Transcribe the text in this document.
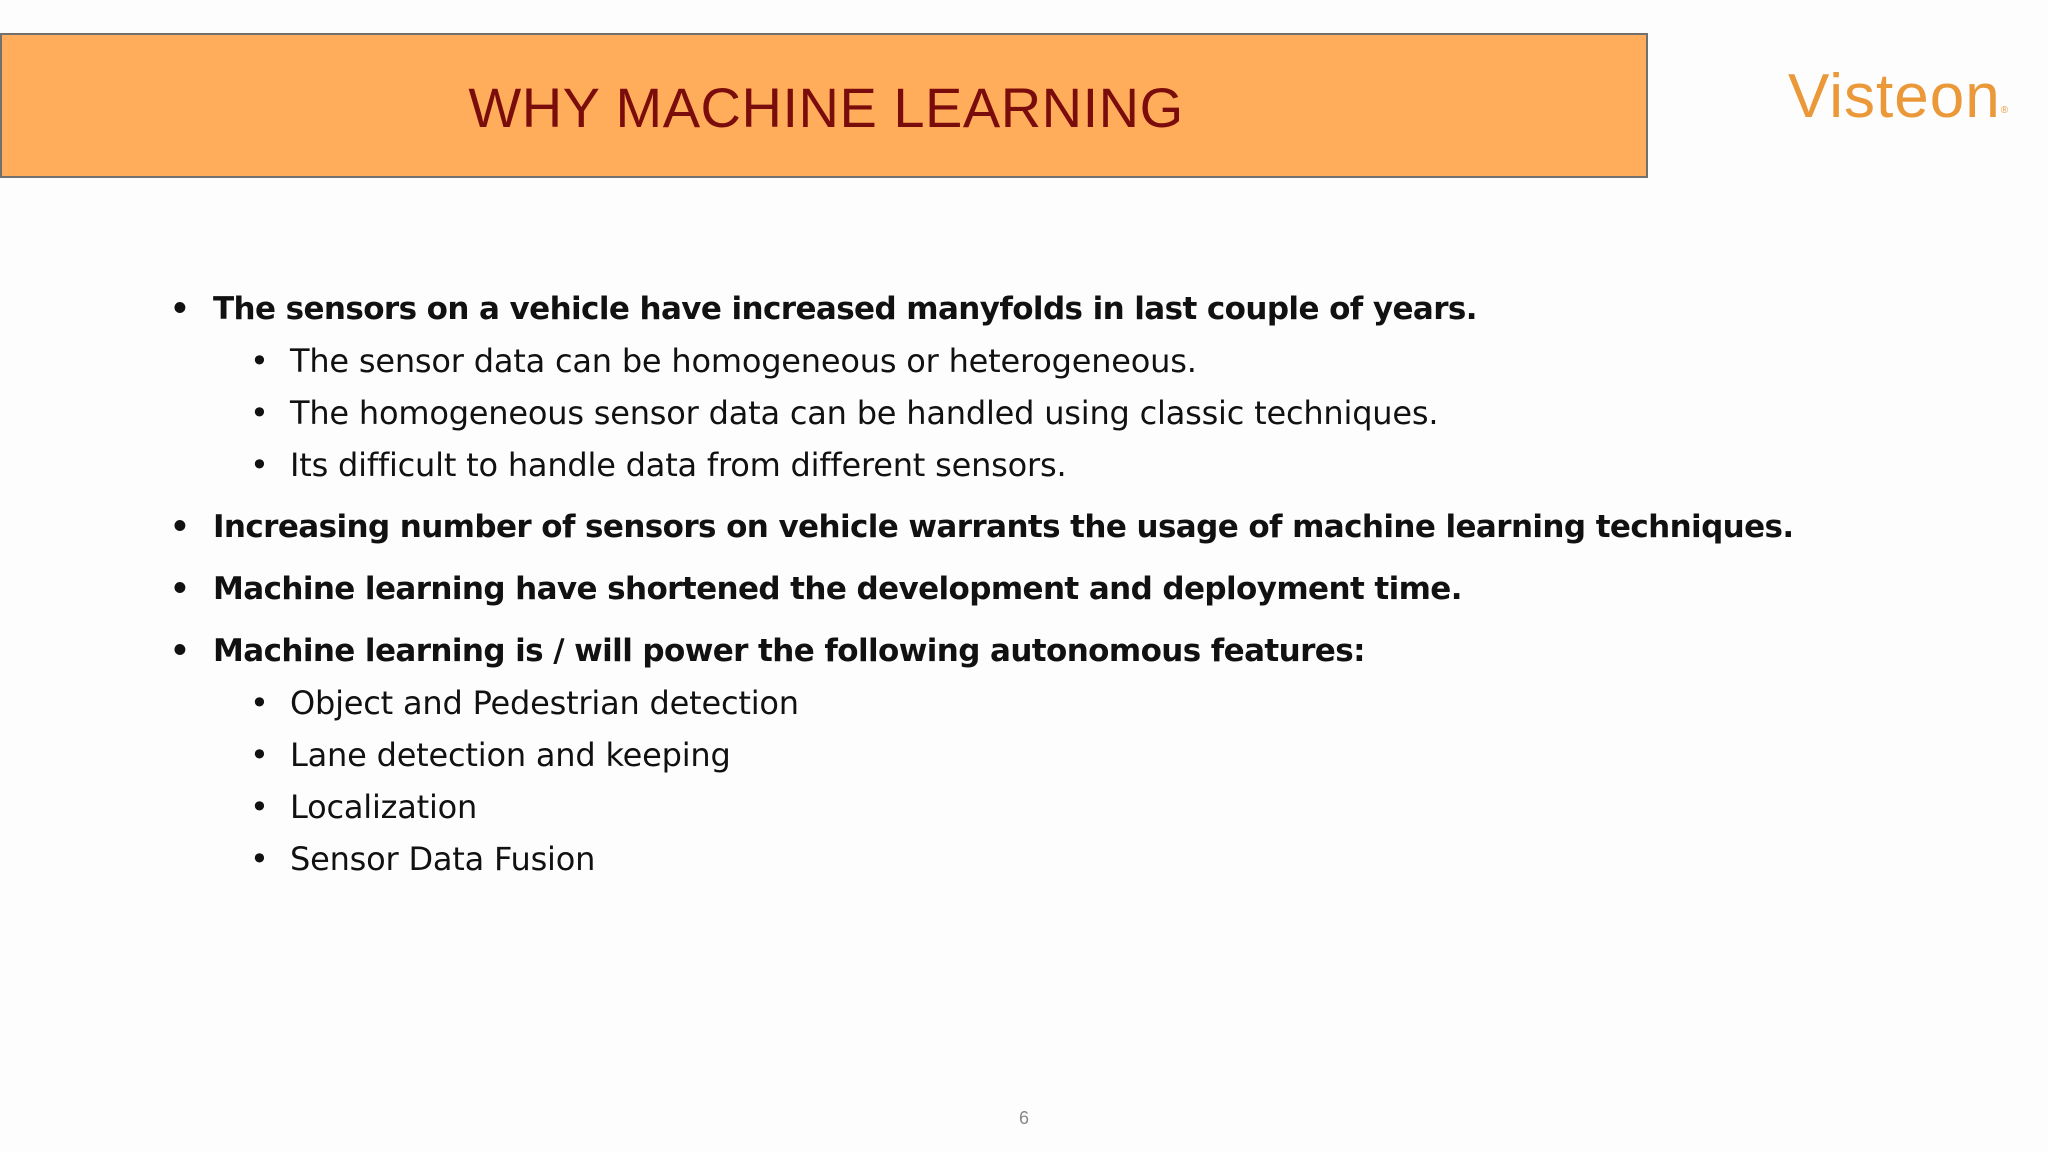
WHY MACHINE LEARNING	Visteon®
• The sensors on a vehicle have increased manyfolds in last couple of years.
• The sensor data can be homogeneous or heterogeneous.
• The homogeneous sensor data can be handled using classic techniques.
• Its difficult to handle data from different sensors.
• Increasing number of sensors on vehicle warrants the usage of machine learning techniques.
• Machine learning have shortened the development and deployment time.
• Machine learning is / will power the following autonomous features:
• Object and Pedestrian detection
• Lane detection and keeping
• Localization
• Sensor Data Fusion
6
